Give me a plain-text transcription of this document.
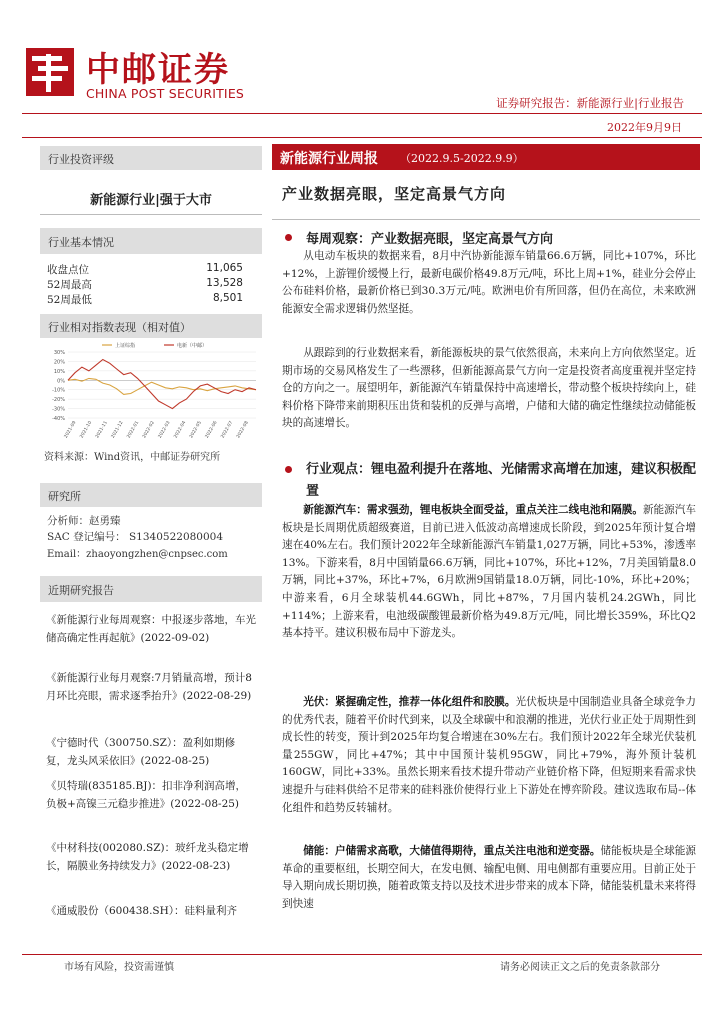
中邮证券
CHINA POST SECURITIES
证券研究报告：新能源行业|行业报告
2022年9月9日
行业投资评级
新能源行业|强于大市
行业基本情况
收盘点位	11,065
52周最高	13,528
52周最低	8,501
行业相对指数表现（相对值）
30%
20%
10%
0%
-10%
-20%
-30%
-40%
2021-09 2021-10 2021-11 2021-12 2022-01 2022-02 2022-03 2022-04 2022-05 2022-06 2022-07 2022-08
上证综指	电新（中邮）
资料来源：Wind资讯，中邮证券研究所
研究所
分析师：赵勇臻
SAC 登记编号： S1340522080004
Email：zhaoyongzhen@cnpsec.com
近期研究报告
《新能源行业每周观察：中报逐步落地，车光储高确定性再起航》(2022-09-02)
《新能源行业每月观察:7月销量高增，预计8月环比亮眼，需求逐季抬升》(2022-08-29)
《宁德时代（300750.SZ）：盈利如期修复，龙头风采依旧》(2022-08-25)
《贝特瑞(835185.BJ)：扣非净利润高增，负极+高镍三元稳步推进》(2022-08-25)
《中材科技(002080.SZ)：玻纤龙头稳定增长，隔膜业务持续发力》(2022-08-23)
《通威股份（600438.SH）：硅料量利齐
新能源行业周报 （2022.9.5-2022.9.9）
产业数据亮眼，坚定高景气方向
每周观察：产业数据亮眼，坚定高景气方向
从电动车板块的数据来看，8月中汽协新能源车销量66.6万辆，同比+107%，环比+12%，上游锂价缓慢上行，最新电碳价格49.8万元/吨，环比上周+1%，硅业分会停止公布硅料价格，最新价格已到30.3万元/吨。欧洲电价有所回落，但仍在高位，未来欧洲能源安全需求逻辑仍然坚挺。
从跟踪到的行业数据来看，新能源板块的景气依然很高，未来向上方向依然坚定。近期市场的交易风格发生了一些漂移，但新能源高景气方向一定是投资者高度重视并坚定持仓的方向之一。展望明年，新能源汽车销量保持中高速增长，带动整个板块持续向上，硅料价格下降带来前期积压出货和装机的反弹与高增，户储和大储的确定性继续拉动储能板块的高速增长。
行业观点：锂电盈利提升在落地、光储需求高增在加速，建议积极配置
新能源汽车：需求强劲，锂电板块全面受益，重点关注二线电池和隔膜。新能源汽车板块是长周期优质超级赛道，目前已进入低波动高增速成长阶段，到2025年预计复合增速在40%左右。我们预计2022年全球新能源汽车销量1,027万辆，同比+53%，渗透率13%。下游来看，8月中国销量66.6万辆，同比+107%，环比+12%，7月美国销量8.0万辆，同比+37%，环比+7%，6月欧洲9国销量18.0万辆，同比-10%，环比+20%；中游来看，6月全球装机44.6GWh，同比+87%，7月国内装机24.2GWh，同比+114%；上游来看，电池级碳酸锂最新价格为49.8万元/吨，同比增长359%，环比Q2基本持平。建议积极布局中下游龙头。
光伏：紧握确定性，推荐一体化组件和胶膜。光伏板块是中国制造业具备全球竞争力的优秀代表，随着平价时代到来，以及全球碳中和浪潮的推进，光伏行业正处于周期性到成长性的转变，预计到2025年均复合增速在30%左右。我们预计2022年全球光伏装机量255GW，同比+47%；其中中国预计装机95GW，同比+79%，海外预计装机160GW，同比+33%。虽然长期来看技术提升带动产业链价格下降，但短期来看需求快速提升与硅料供给不足带来的硅料涨价使得行业上下游处在博弈阶段。建议选取布局--体化组件和趋势反转辅材。
储能：户储需求高歌，大储值得期待，重点关注电池和逆变器。储能板块是全球能源革命的重要枢纽，长期空间大，在发电侧、输配电侧、用电侧都有重要应用。目前正处于导入期向成长期切换，随着政策支持以及技术进步带来的成本下降，储能装机量未来将得到快速
市场有风险，投资需谨慎	请务必阅读正文之后的免责条款部分
